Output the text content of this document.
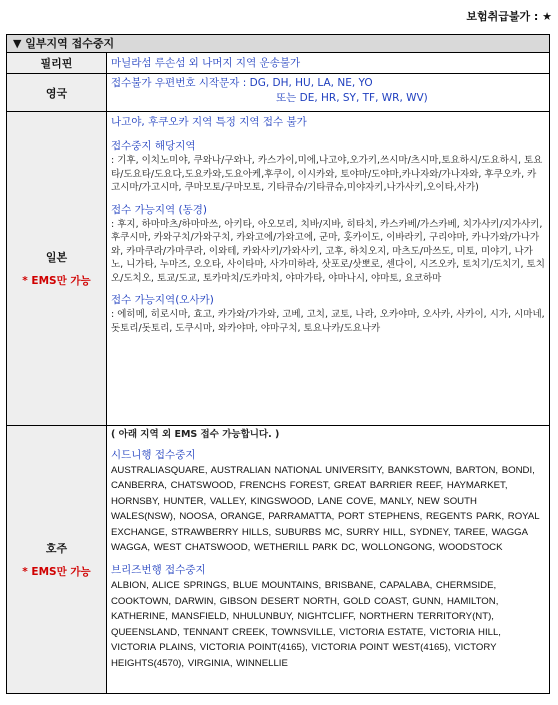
보험취급불가 : ★
▼ 일부지역 접수중지
필리핀	마닐라섬 루손섬 외 나머지 지역 운송불가
영국
접수불가 우편번호 시작문자 : DG, DH, HU, LA, NE, YO
또는 DE, HR, SY, TF, WR, WV)
일본
* EMS만 가능
나고야, 후쿠오카 지역 특정 지역 접수 불가
접수중지 해당지역
: 기후, 이치노미야, 쿠와나/구와나, 카스가이,미에,나고야,오가키,쓰시마/츠시마,토요하시/도요하시, 토요타/도요타/도요다,도요카와,도요아케,후쿠이, 이시카와, 토야마/도야마,카나자와/가나자와, 후쿠오카, 카고시마/가고시마, 쿠마모토/구마모토, 기타큐슈/기타큐슈,미야자키,나가사키,오이타,사가)
접수 가능지역 (동경)
: 후지, 하마마츠/하마마쓰, 아키타, 아오모리, 치바/지바, 히타치, 카스카베/가스카베, 치가사키/지가사키, 후쿠시마, 카와구치/가와구치, 카와고에/가와고에, 군마, 홋카이도, 이바라키, 구리야마, 카나가와/가나가와, 카마쿠라/가마쿠라, 이와테, 카와사키/가와사키, 고후, 하치오지, 마츠도/마쓰도, 미토, 미야기, 나가노, 니가타, 누마즈, 오오타, 사이타마, 사가미하라, 삿포로/삿뽀로, 센다이, 시즈오카, 토치기/도치기, 토치오/도치오, 토교/도교, 토카마치/도카마치, 야마가타, 야마나시, 야마토, 요코하마
접수 가능지역(오사카)
: 에히메, 히로시마, 효고, 카가와/가가와, 고베, 고치, 교토, 나라, 오카야마, 오사카, 사카이, 시가, 시마네, 돗토리/돗토리, 도쿠시마, 와카야마, 야마구치, 토요나카/도요나카
호주
* EMS만 가능
( 아래 지역 외 EMS 접수 가능합니다. )
시드니행 접수중지
AUSTRALIASQUARE, AUSTRALIAN NATIONAL UNIVERSITY, BANKSTOWN, BARTON, BONDI, CANBERRA, CHATSWOOD, FRENCHS FOREST, GREAT BARRIER REEF, HAYMARKET, HORNSBY, HUNTER, VALLEY, KINGSWOOD, LANE COVE, MANLY, NEW SOUTH WALES(NSW), NOOSA, ORANGE, PARRAMATTA, PORT STEPHENS, REGENTS PARK, ROYAL EXCHANGE, STRAWBERRY HILLS, SUBURBS MC, SURRY HILL, SYDNEY, TAREE, WAGGA WAGGA, WEST CHATSWOOD, WETHERILL PARK DC, WOLLONGONG, WOODSTOCK
브리즈번행 접수중지
ALBION, ALICE SPRINGS, BLUE MOUNTAINS, BRISBANE, CAPALABA, CHERMSIDE, COOKTOWN, DARWIN, GIBSON DESERT NORTH, GOLD COAST, GUNN, HAMILTON, KATHERINE, MANSFIELD, NHULUNBUY, NIGHTCLIFF, NORTHERN TERRITORY(NT), QUEENSLAND, TENNANT CREEK, TOWNSVILLE, VICTORIA ESTATE, VICTORIA HILL, VICTORIA PLAINS, VICTORIA POINT(4165), VICTORIA POINT WEST(4165), VICTORY HEIGHTS(4570), VIRGINIA, WINNELLIE
